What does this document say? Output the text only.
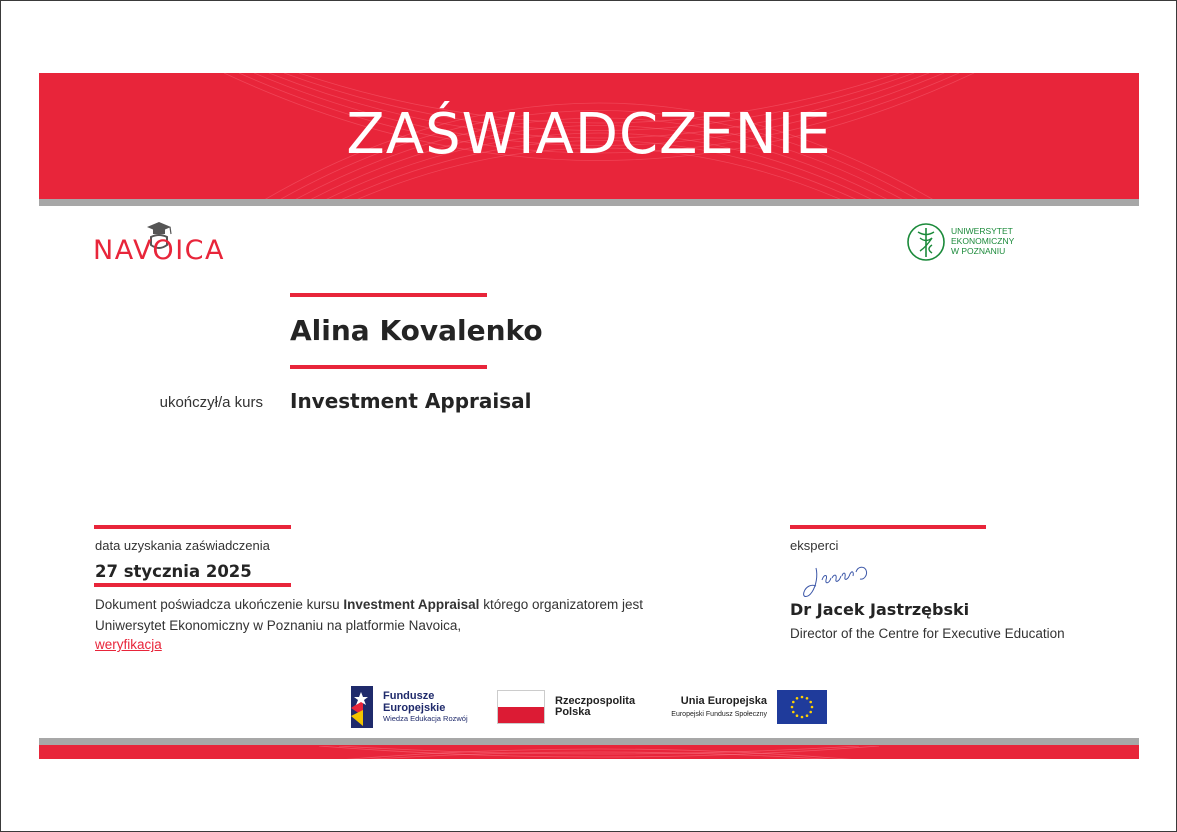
ZAŚWIADCZENIE
NAVOICA
UNIWERSYTET
EKONOMICZNY
W POZNANIU
Alina Kovalenko
ukończył/a kurs Investment Appraisal
data uzyskania zaświadczenia
27 stycznia 2025
Dokument poświadcza ukończenie kursu Investment Appraisal którego organizatorem jest Uniwersytet Ekonomiczny w Poznaniu na platformie Navoica,
weryfikacja
eksperci
Dr Jacek Jastrzębski
Director of the Centre for Executive Education
Fundusze
Europejskie
Wiedza Edukacja Rozwój
Rzeczpospolita
Polska
Unia Europejska
Europejski Fundusz Społeczny
